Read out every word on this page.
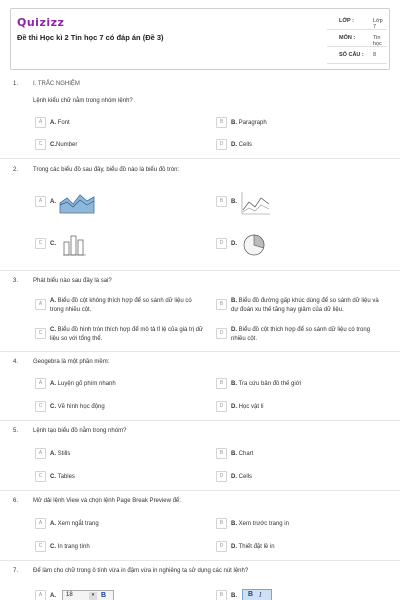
Quizizz
Đề thi Học kì 2 Tin học 7 có đáp án (Đề 3)
LỚP :	Lớp 7
MÔN :	Tin học
SỐ CÂU : 8
1. I. TRẮC NGHIỆM
Lệnh kiểu chữ nằm trong nhóm lệnh?
A	A. Font	B	B. Paragraph
C	C.Number	D	D. Cells
2. Trong các biểu đồ sau đây, biểu đồ nào là biểu đồ tròn:
A	A.	B	B.
C	C.	D	D.
3. Phát biểu nào sau đây là sai?
A	A. Biểu đồ cột không thích hợp để so sánh dữ liệu có trong nhiều cột.
B	B. Biểu đồ đường gấp khúc dùng để so sánh dữ liệu và dự đoán xu thế tăng hay giảm của dữ liệu.
C	C. Biểu đồ hình tròn thích hợp để mô tả tỉ lệ của giá trị dữ liệu so với tổng thể.
D	D. Biểu đồ cột thích hợp để so sánh dữ liệu có trong nhiều cột.
4. Geogebra là một phần mềm:
A	A. Luyện gõ phím nhanh	B	B. Tra cứu bản đồ thế giới
C	C. Vẽ hình học động	D	D. Học vật lí
5. Lệnh tạo biểu đồ nằm trong nhóm?
A	A. Stills	B	B. Chart
C	C. Tables	D	D. Cells
6. Mở dải lệnh View và chọn lệnh Page Break Preview để:
A	A. Xem ngắt trang	B	B. Xem trước trang in
C	C. In trang tính	D	D. Thiết đặt lề in
7. Để làm cho chữ trong ô tính vừa in đậm vừa in nghiêng ta sử dụng các nút lệnh?
A	A. 18	▾ B	B	B. B I
